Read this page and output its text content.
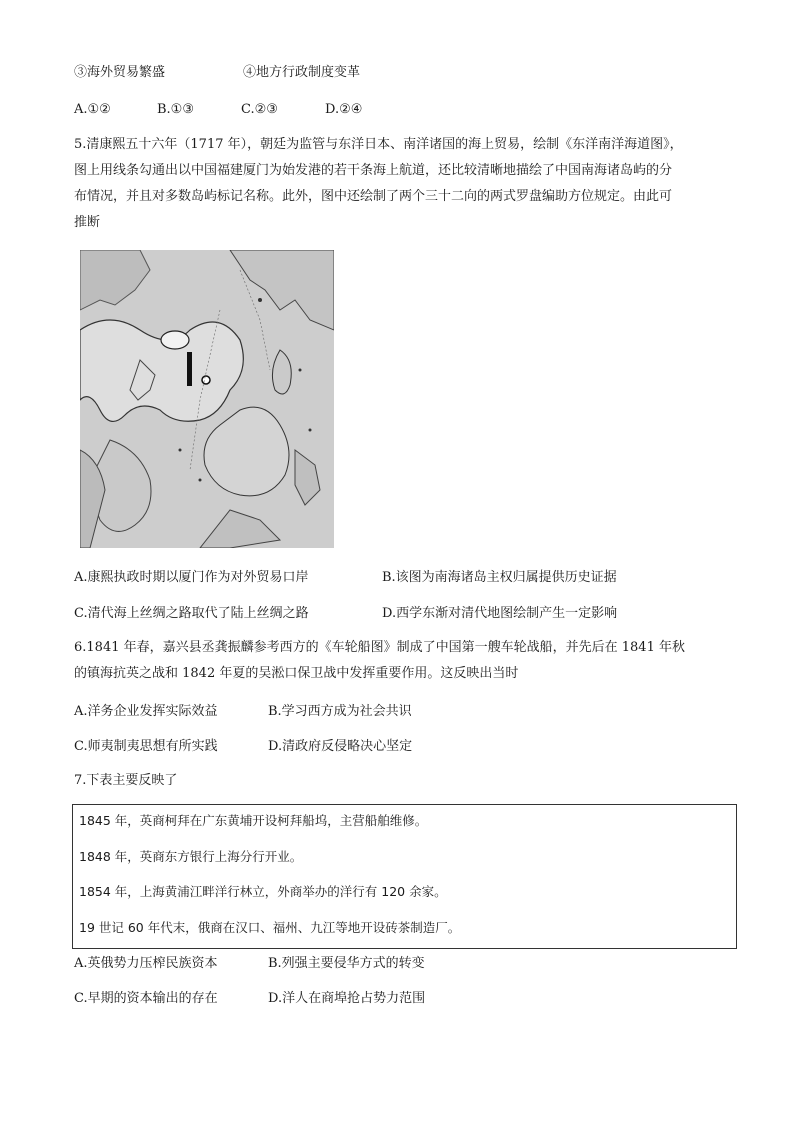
③海外贸易繁盛	④地方行政制度变革
A.①②	B.①③	C.②③	D.②④
5.清康熙五十六年（1717 年），朝廷为监管与东洋日本、南洋诸国的海上贸易，绘制《东洋南洋海道图》，
图上用线条勾通出以中国福建厦门为始发港的若干条海上航道，还比较清晰地描绘了中国南海诸岛屿的分
布情况，并且对多数岛屿标记名称。此外，图中还绘制了两个三十二向的两式罗盘编助方位规定。由此可
推断
A.康熙执政时期以厦门作为对外贸易口岸	B.该图为南海诸岛主权归属提供历史证据
C.清代海上丝绸之路取代了陆上丝绸之路	D.西学东渐对清代地图绘制产生一定影响
6.1841 年春，嘉兴县丞龚振麟参考西方的《车轮船图》制成了中国第一艘车轮战船，并先后在 1841 年秋
的镇海抗英之战和 1842 年夏的吴淞口保卫战中发挥重要作用。这反映出当时
A.洋务企业发挥实际效益	B.学习西方成为社会共识
C.师夷制夷思想有所实践	D.清政府反侵略决心坚定
7.下表主要反映了
1845 年，英商柯拜在广东黄埔开设柯拜船坞，主营船舶维修。
1848 年，英商东方银行上海分行开业。
1854 年，上海黄浦江畔洋行林立，外商举办的洋行有 120 余家。
19 世记 60 年代末，俄商在汉口、福州、九江等地开设砖茶制造厂。
A.英俄势力压榨民族资本	B.列强主要侵华方式的转变
C.早期的资本输出的存在	D.洋人在商埠抢占势力范围
